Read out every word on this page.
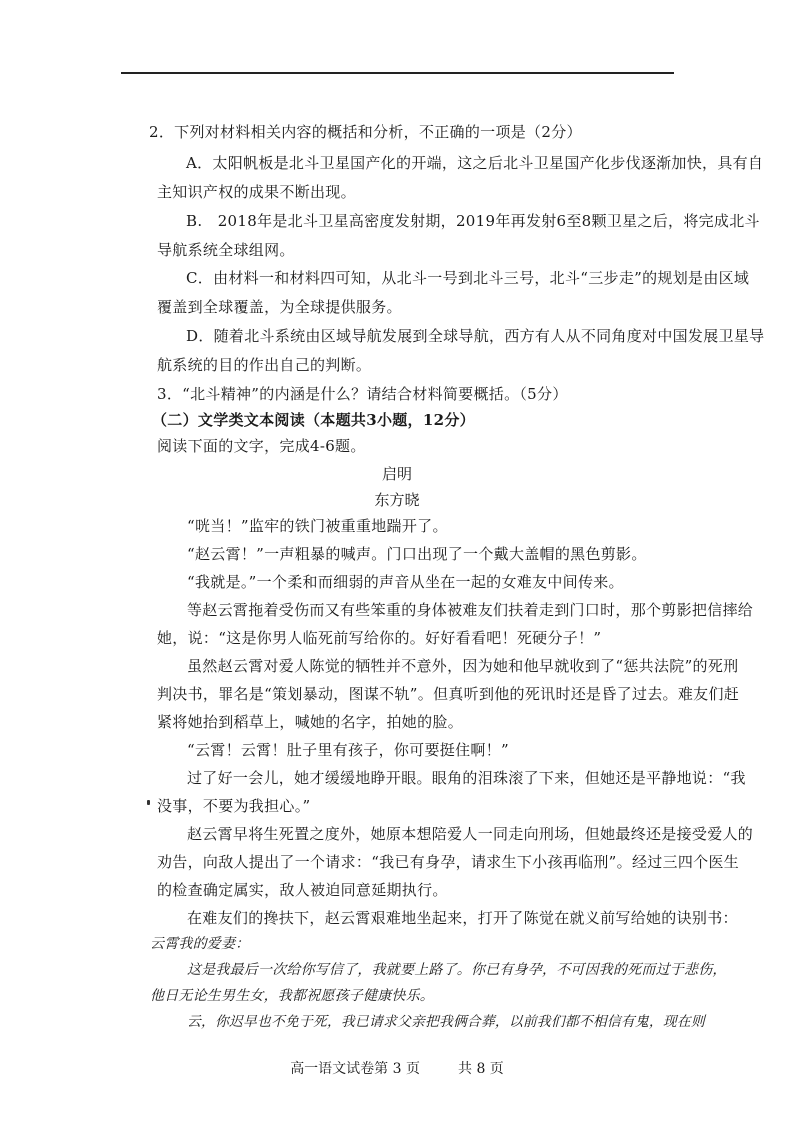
2．下列对材料相关内容的概括和分析，不正确的一项是（2分）
A．太阳帆板是北斗卫星国产化的开端，这之后北斗卫星国产化步伐逐渐加快，具有自
主知识产权的成果不断出现。
B.　2018年是北斗卫星高密度发射期，2019年再发射6至8颗卫星之后，将完成北斗
导航系统全球组网。
C．由材料一和材料四可知，从北斗一号到北斗三号，北斗“三步走”的规划是由区域
覆盖到全球覆盖，为全球提供服务。
D．随着北斗系统由区域导航发展到全球导航，西方有人从不同角度对中国发展卫星导
航系统的目的作出自己的判断。
3．“北斗精神”的内涵是什么？请结合材料简要概括。（5分）
（二）文学类文本阅读（本题共3小题，12分）
阅读下面的文字，完成4-6题。
启明
东方晓
“咣当！”监牢的铁门被重重地踹开了。
“赵云霄！”一声粗暴的喊声。门口出现了一个戴大盖帽的黑色剪影。
“我就是。”一个柔和而细弱的声音从坐在一起的女难友中间传来。
等赵云霄拖着受伤而又有些笨重的身体被难友们扶着走到门口时，那个剪影把信摔给
她，说：“这是你男人临死前写给你的。好好看看吧！死硬分子！”
虽然赵云霄对爱人陈觉的牺牲并不意外，因为她和他早就收到了“惩共法院”的死刑
判决书，罪名是“策划暴动，图谋不轨”。但真听到他的死讯时还是昏了过去。难友们赶
紧将她抬到稻草上，喊她的名字，拍她的脸。
“云霄！云霄！肚子里有孩子，你可要挺住啊！”
过了好一会儿，她才缓缓地睁开眼。眼角的泪珠滚了下来，但她还是平静地说：“我
没事，不要为我担心。”
赵云霄早将生死置之度外，她原本想陪爱人一同走向刑场，但她最终还是接受爱人的
劝告，向敌人提出了一个请求：“我已有身孕，请求生下小孩再临刑”。经过三四个医生
的检查确定属实，敌人被迫同意延期执行。
在难友们的搀扶下，赵云霄艰难地坐起来，打开了陈觉在就义前写给她的诀别书：
云霄我的爱妻：
这是我最后一次给你写信了，我就要上路了。你已有身孕，不可因我的死而过于悲伤，
他日无论生男生女，我都祝愿孩子健康快乐。
云，你迟早也不免于死，我已请求父亲把我俩合葬，以前我们都不相信有鬼，现在则
高一语文试卷第 3 页	共 8 页
